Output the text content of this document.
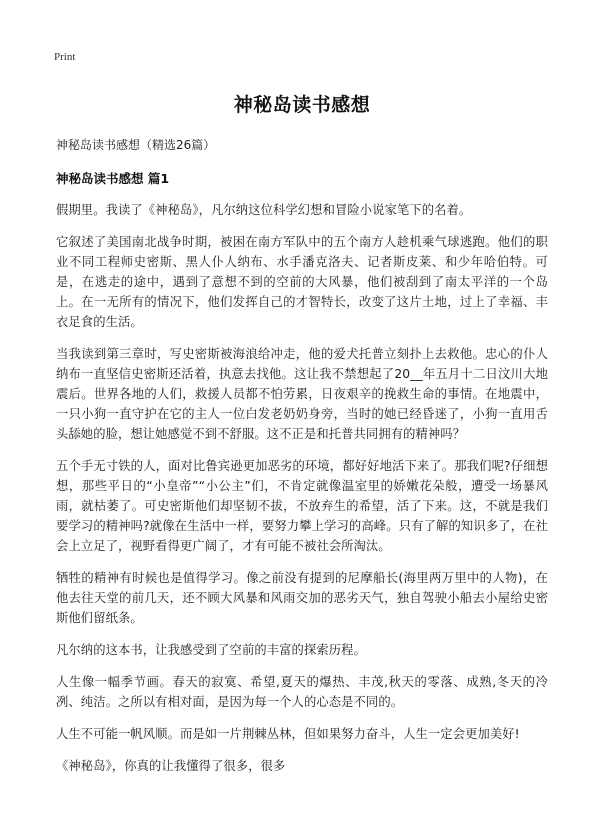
Print
神秘岛读书感想
神秘岛读书感想（精选26篇）
神秘岛读书感想 篇1

假期里。我读了《神秘岛》，凡尔纳这位科学幻想和冒险小说家笔下的名着。

它叙述了美国南北战争时期，被困在南方军队中的五个南方人趁机乘气球逃跑。他们的职业不同工程师史密斯、黑人仆人纳布、水手潘克洛夫、记者斯皮莱、和少年哈伯特。可是，在逃走的途中，遇到了意想不到的空前的大风暴，他们被刮到了南太平洋的一个岛上。在一无所有的情况下，他们发挥自己的才智特长，改变了这片土地，过上了幸福、丰衣足食的生活。

当我读到第三章时，写史密斯被海浪给冲走，他的爱犬托普立刻扑上去救他。忠心的仆人纳布一直坚信史密斯还活着，执意去找他。这让我不禁想起了20__年五月十二日汶川大地震后。世界各地的人们，救援人员都不怕劳累，日夜艰辛的挽救生命的事情。在地震中，一只小狗一直守护在它的主人一位白发老奶奶身旁，当时的她已经昏迷了，小狗一直用舌头舔她的脸，想让她感觉不到不舒服。这不正是和托普共同拥有的精神吗？

五个手无寸铁的人，面对比鲁宾逊更加恶劣的环境，都好好地活下来了。那我们呢?仔细想想，那些平日的“小皇帝”“小公主”们，不肯定就像温室里的娇嫩花朵般，遭受一场暴风雨，就枯萎了。可史密斯他们却坚韧不拔，不放弃生的希望，活了下来。这，不就是我们要学习的精神吗?就像在生活中一样，要努力攀上学习的高峰。只有了解的知识多了，在社会上立足了，视野看得更广阔了，才有可能不被社会所淘汰。

牺牲的精神有时候也是值得学习。像之前没有提到的尼摩船长(海里两万里中的人物)，在他去往天堂的前几天，还不顾大风暴和风雨交加的恶劣天气，独自驾驶小船去小屋给史密斯他们留纸条。

凡尔纳的这本书，让我感受到了空前的丰富的探索历程。

人生像一幅季节画。春天的寂寞、希望,夏天的爆热、丰茂,秋天的零落、成熟,冬天的冷冽、纯洁。之所以有相对面，是因为每一个人的心态是不同的。

人生不可能一帆风顺。而是如一片荆棘丛林，但如果努力奋斗，人生一定会更加美好!

《神秘岛》，你真的让我懂得了很多，很多
